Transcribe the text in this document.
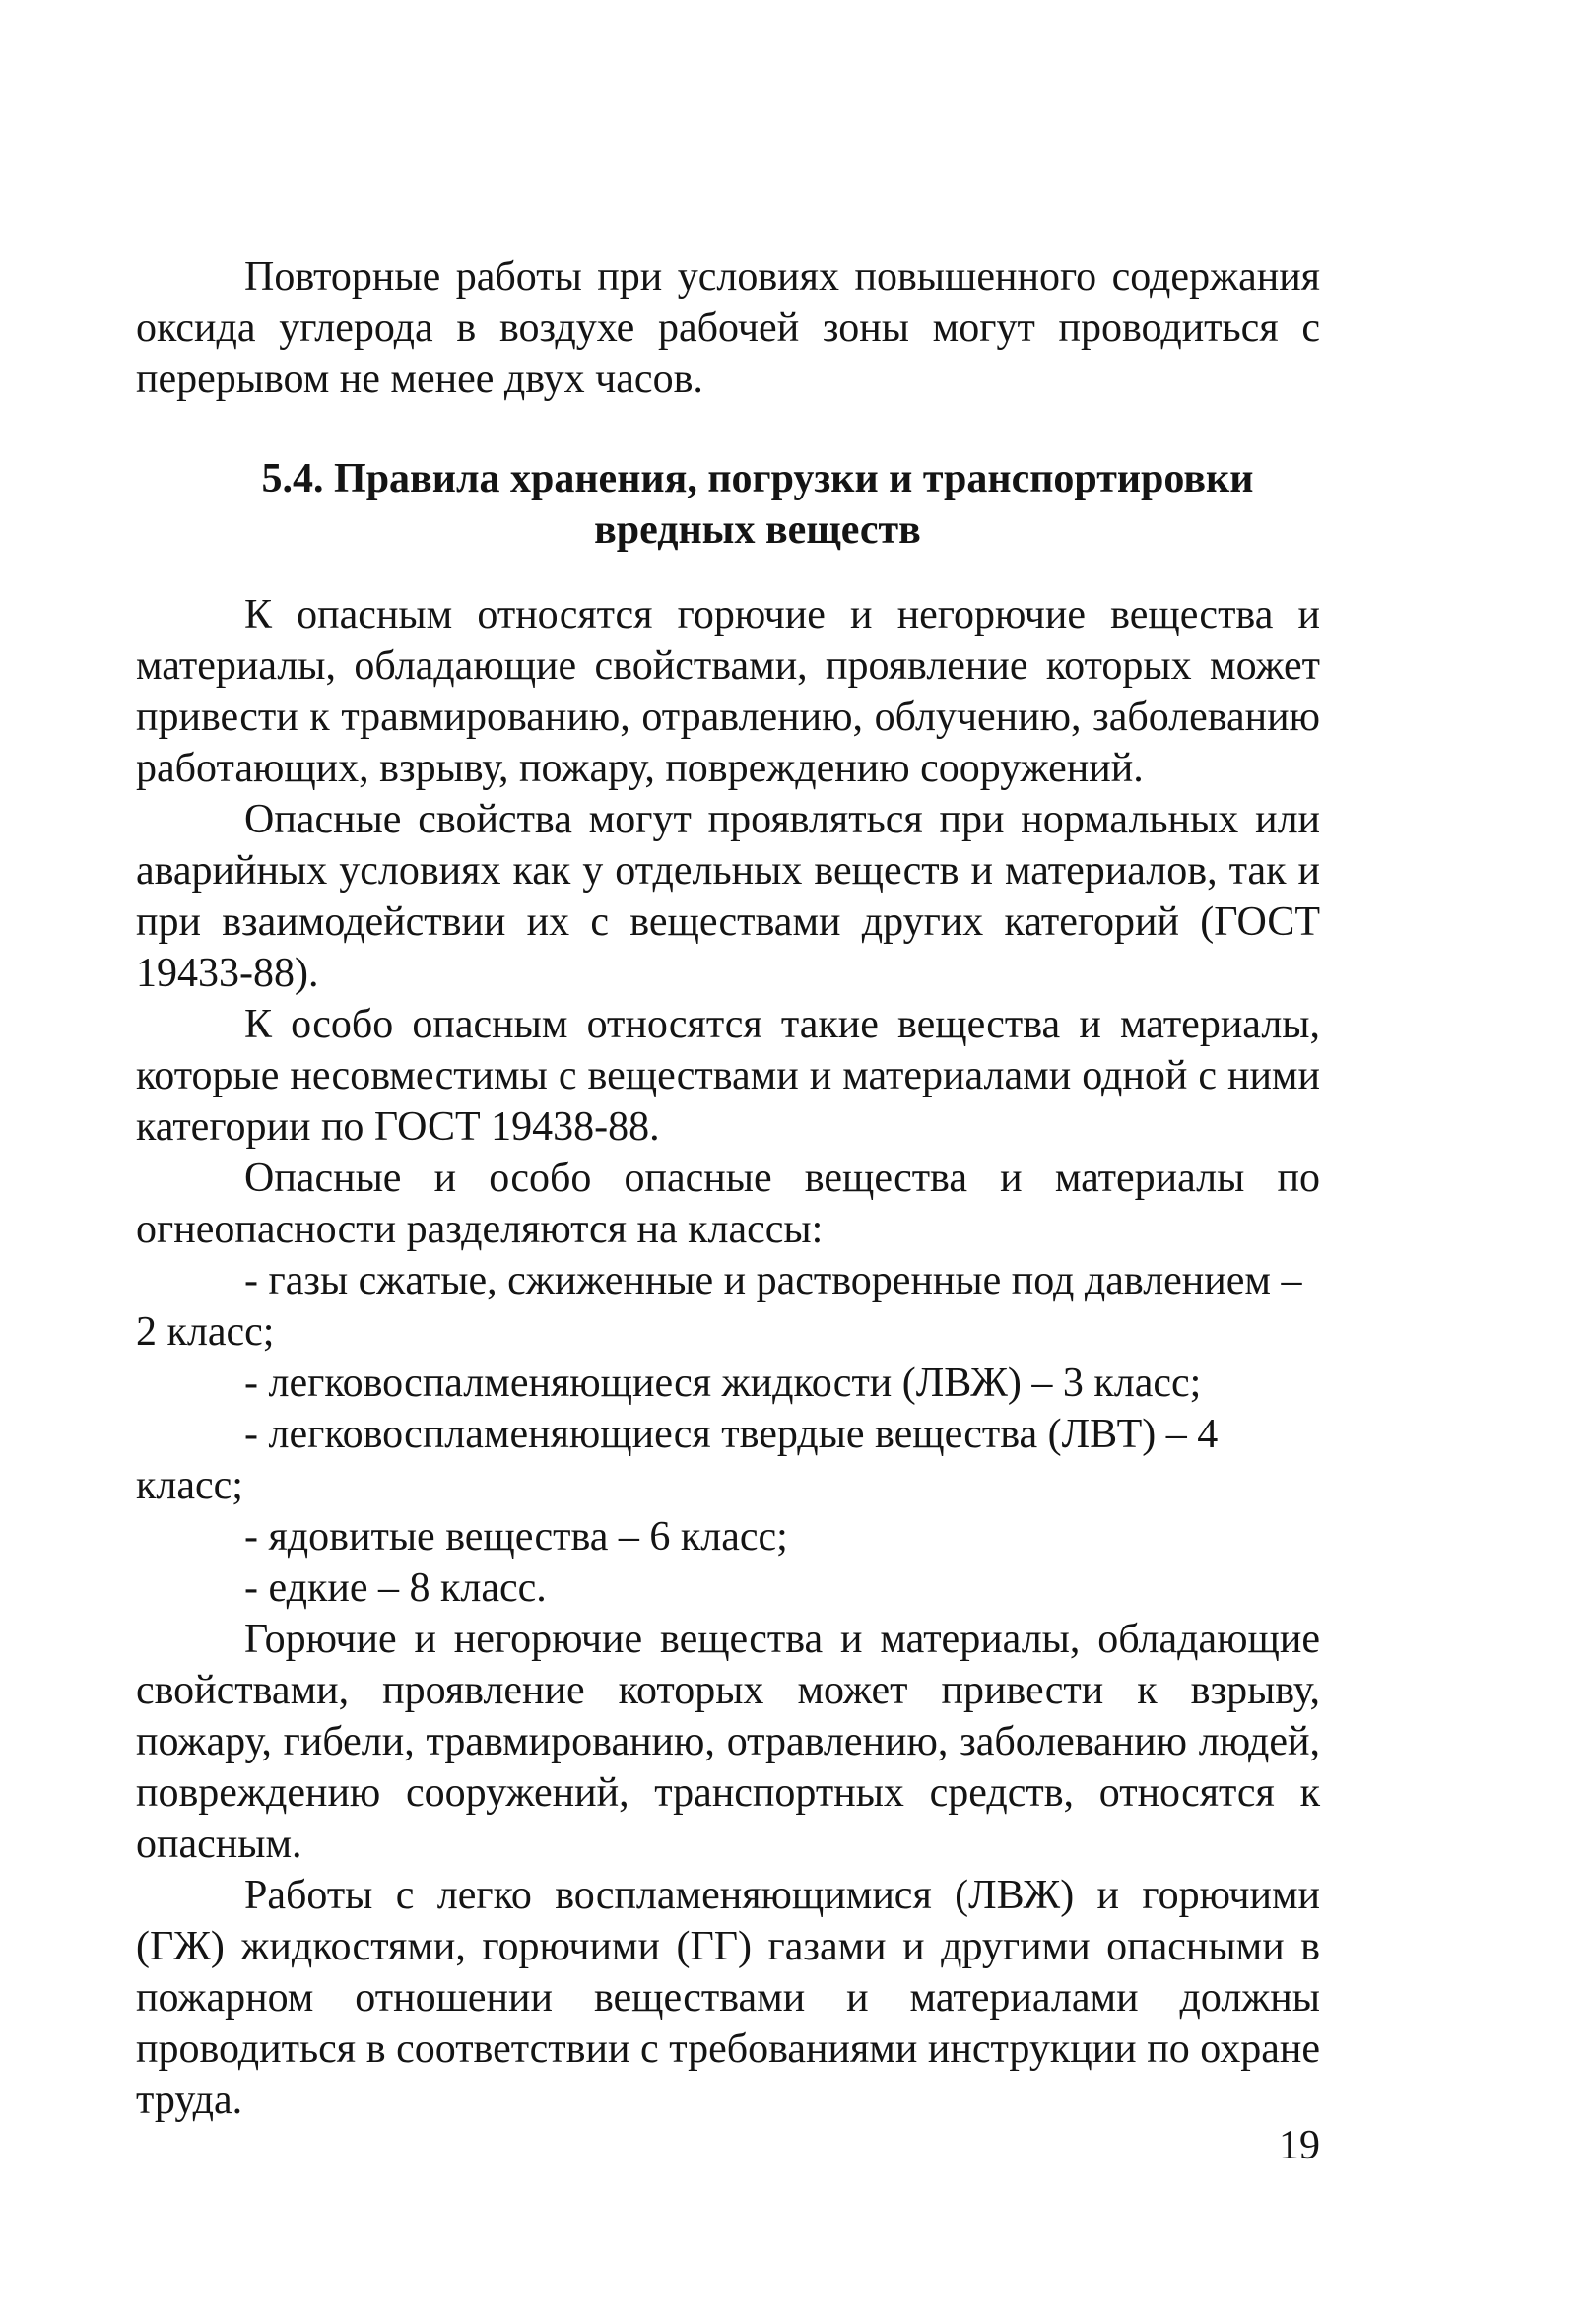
Повторные работы при условиях повышенного содержания оксида углерода в воздухе рабочей зоны могут проводиться с перерывом не менее двух часов.

5.4. Правила хранения, погрузки и транспортировки
вредных веществ

К опасным относятся горючие и негорючие вещества и материалы, обладающие свойствами, проявление которых может привести к травмированию, отравлению, облучению, заболеванию работающих, взрыву, пожару, повреждению сооружений.

Опасные свойства могут проявляться при нормальных или аварийных условиях как у отдельных веществ и материалов, так и при взаимодействии их с веществами других категорий (ГОСТ 19433-88).

К особо опасным относятся такие вещества и материалы, которые несовместимы с веществами и материалами одной с ними категории по ГОСТ 19438-88.

Опасные и особо опасные вещества и материалы по огнеопасности разделяются на классы:

- газы сжатые, сжиженные и растворенные под давлением – 2 класс;

- легковоспалменяющиеся жидкости (ЛВЖ) – 3 класс;

- легковоспламеняющиеся твердые вещества (ЛВТ) – 4 класс;

- ядовитые вещества – 6 класс;

- едкие – 8 класс.

Горючие и негорючие вещества и материалы, обладающие свойствами, проявление которых может привести к взрыву, пожару, гибели, травмированию, отравлению, заболеванию людей, повреждению сооружений, транспортных средств, относятся к опасным.

Работы с легко воспламеняющимися (ЛВЖ) и горючими (ГЖ) жидкостями, горючими (ГГ) газами и другими опасными в пожарном отношении веществами и материалами должны проводиться в соответствии с требованиями инструкции по охране труда.

19
